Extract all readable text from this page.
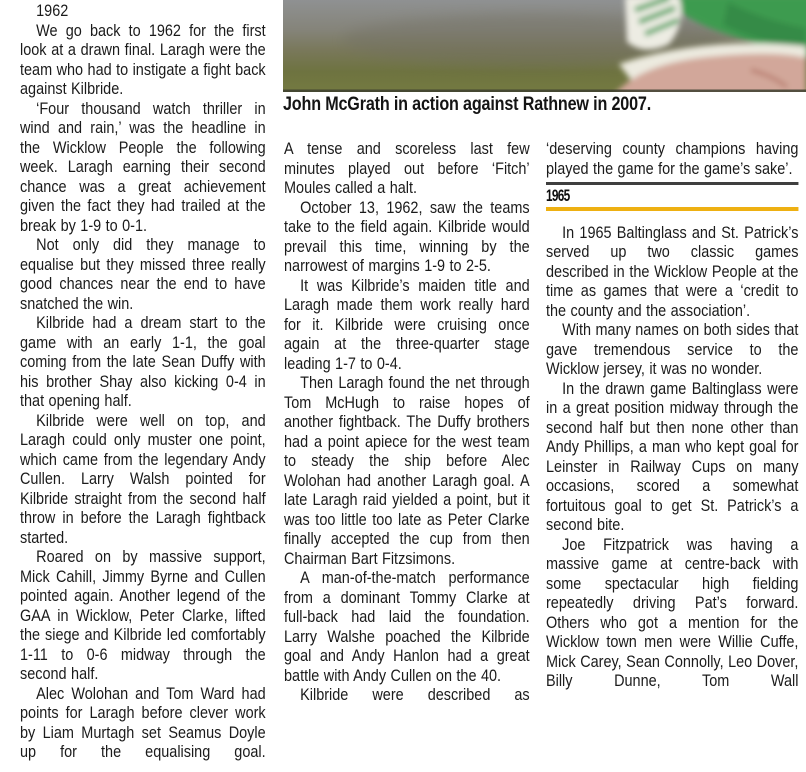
John McGrath in action against Rathnew in 2007.

1962

We go back to 1962 for the first look at a drawn final. Laragh were the team who had to instigate a fight back against Kilbride.

‘Four thousand watch thriller in wind and rain,’ was the headline in the Wicklow People the following week. Laragh earning their second chance was a great achievement given the fact they had trailed at the break by 1-9 to 0-1.

Not only did they manage to equalise but they missed three really good chances near the end to have snatched the win.

Kilbride had a dream start to the game with an early 1-1, the goal coming from the late Sean Duffy with his brother Shay also kicking 0-4 in that opening half.

Kilbride were well on top, and Laragh could only muster one point, which came from the legendary Andy Cullen. Larry Walsh pointed for Kilbride straight from the second half throw in before the Laragh fightback started.

Roared on by massive support, Mick Cahill, Jimmy Byrne and Cullen pointed again. Another legend of the GAA in Wicklow, Peter Clarke, lifted the siege and Kilbride led comfortably 1-11 to 0-6 midway through the second half.

Alec Wolohan and Tom Ward had points for Laragh before clever work by Liam Murtagh set Seamus Doyle up for the equalising goal.

A tense and scoreless last few minutes played out before ‘Fitch’ Moules called a halt.

October 13, 1962, saw the teams take to the field again. Kilbride would prevail this time, winning by the narrowest of margins 1-9 to 2-5.

It was Kilbride’s maiden title and Laragh made them work really hard for it. Kilbride were cruising once again at the three-quarter stage leading 1-7 to 0-4.

Then Laragh found the net through Tom McHugh to raise hopes of another fightback. The Duffy brothers had a point apiece for the west team to steady the ship before Alec Wolohan had another Laragh goal. A late Laragh raid yielded a point, but it was too little too late as Peter Clarke finally accepted the cup from then Chairman Bart Fitzsimons.

A man-of-the-match performance from a dominant Tommy Clarke at full-back had laid the foundation. Larry Walshe poached the Kilbride goal and Andy Hanlon had a great battle with Andy Cullen on the 40.

Kilbride were described as

‘deserving county champions having played the game for the game’s sake’.

1965

In 1965 Baltinglass and St. Patrick’s served up two classic games described in the Wicklow People at the time as games that were a ‘credit to the county and the association’.

With many names on both sides that gave tremendous service to the Wicklow jersey, it was no wonder.

In the drawn game Baltinglass were in a great position midway through the second half but then none other than Andy Phillips, a man who kept goal for Leinster in Railway Cups on many occasions, scored a somewhat fortuitous goal to get St. Patrick’s a second bite.

Joe Fitzpatrick was having a massive game at centre-back with some spectacular high fielding repeatedly driving Pat’s forward. Others who got a mention for the Wicklow town men were Willie Cuffe, Mick Carey, Sean Connolly, Leo Dover, Billy Dunne, Tom Wall
